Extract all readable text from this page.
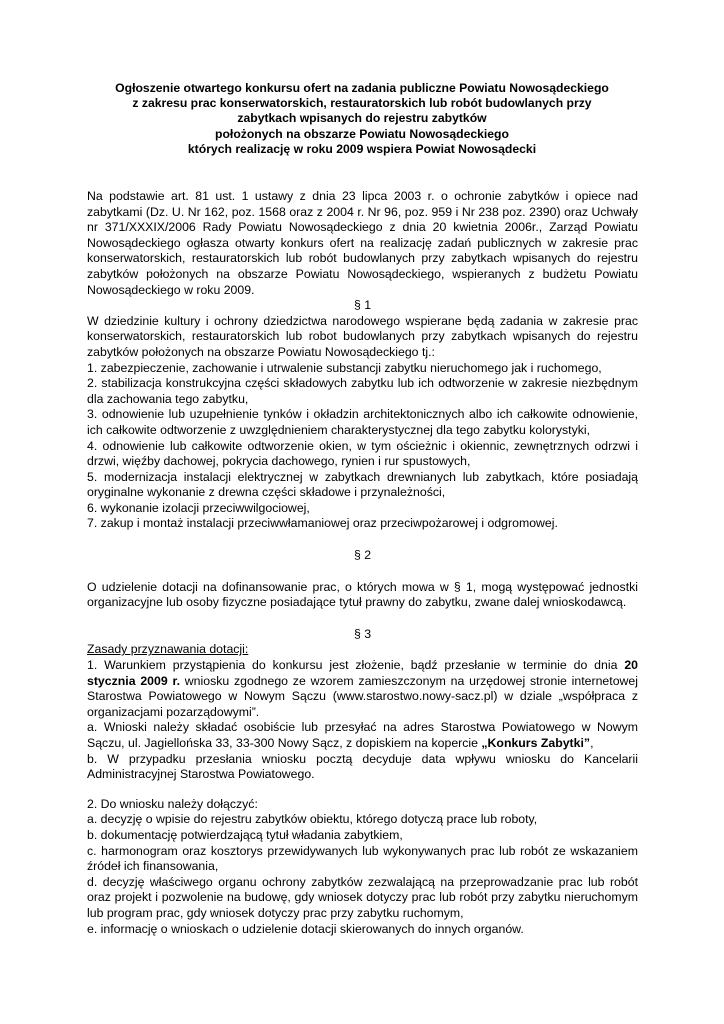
Ogłoszenie otwartego konkursu ofert na zadania publiczne Powiatu Nowosądeckiego
z zakresu prac konserwatorskich, restauratorskich lub robót budowlanych przy
zabytkach wpisanych do rejestru zabytków
położonych na obszarze Powiatu Nowosądeckiego
których realizację w roku 2009 wspiera Powiat Nowosądecki

Na podstawie art. 81 ust. 1 ustawy z dnia 23 lipca 2003 r. o ochronie zabytków i opiece nad zabytkami (Dz. U. Nr 162, poz. 1568 oraz z 2004 r. Nr 96, poz. 959 i Nr 238 poz. 2390) oraz Uchwały nr 371/XXXIX/2006 Rady Powiatu Nowosądeckiego z dnia 20 kwietnia 2006r., Zarząd Powiatu Nowosądeckiego ogłasza otwarty konkurs ofert na realizację zadań publicznych w zakresie prac konserwatorskich, restauratorskich lub robót budowlanych przy zabytkach wpisanych do rejestru zabytków położonych na obszarze Powiatu Nowosądeckiego, wspieranych z budżetu Powiatu Nowosądeckiego w roku 2009.

§ 1

W dziedzinie kultury i ochrony dziedzictwa narodowego wspierane będą zadania w zakresie prac konserwatorskich, restauratorskich lub robot budowlanych przy zabytkach wpisanych do rejestru zabytków położonych na obszarze Powiatu Nowosądeckiego tj.:

1. zabezpieczenie, zachowanie i utrwalenie substancji zabytku nieruchomego jak i ruchomego,

2. stabilizacja konstrukcyjna części składowych zabytku lub ich odtworzenie w zakresie niezbędnym dla zachowania tego zabytku,

3. odnowienie lub uzupełnienie tynków i okładzin architektonicznych albo ich całkowite odnowienie, ich całkowite odtworzenie z uwzględnieniem charakterystycznej dla tego zabytku kolorystyki,

4. odnowienie lub całkowite odtworzenie okien, w tym ościeżnic i okiennic, zewnętrznych odrzwi i drzwi, więźby dachowej, pokrycia dachowego, rynien i rur spustowych,

5. modernizacja instalacji elektrycznej w zabytkach drewnianych lub zabytkach, które posiadają oryginalne wykonanie z drewna części składowe i przynależności,

6. wykonanie izolacji przeciwwilgociowej,

7. zakup i montaż instalacji przeciwwłamaniowej oraz przeciwpożarowej i odgromowej.

§ 2

O udzielenie dotacji na dofinansowanie prac, o których mowa w § 1, mogą występować jednostki organizacyjne lub osoby fizyczne posiadające tytuł prawny do zabytku, zwane dalej wnioskodawcą.

§ 3

Zasady przyznawania dotacji:

1. Warunkiem przystąpienia do konkursu jest złożenie, bądź przesłanie w terminie do dnia 20 stycznia 2009 r. wniosku zgodnego ze wzorem zamieszczonym na urzędowej stronie internetowej Starostwa Powiatowego w Nowym Sączu (www.starostwo.nowy-sacz.pl) w dziale „współpraca z organizacjami pozarządowymi”.

a. Wnioski należy składać osobiście lub przesyłać na adres Starostwa Powiatowego w Nowym Sączu, ul. Jagiellońska 33, 33-300 Nowy Sącz, z dopiskiem na kopercie „Konkurs Zabytki”,

b. W przypadku przesłania wniosku pocztą decyduje data wpływu wniosku do Kancelarii Administracyjnej Starostwa Powiatowego.

2. Do wniosku należy dołączyć:

a. decyzję o wpisie do rejestru zabytków obiektu, którego dotyczą prace lub roboty,

b. dokumentację potwierdzającą tytuł władania zabytkiem,

c. harmonogram oraz kosztorys przewidywanych lub wykonywanych prac lub robót ze wskazaniem źródeł ich finansowania,

d. decyzję właściwego organu ochrony zabytków zezwalającą na przeprowadzanie prac lub robót oraz projekt i pozwolenie na budowę, gdy wniosek dotyczy prac lub robót przy zabytku nieruchomym lub program prac, gdy wniosek dotyczy prac przy zabytku ruchomym,

e. informację o wnioskach o udzielenie dotacji skierowanych do innych organów.
